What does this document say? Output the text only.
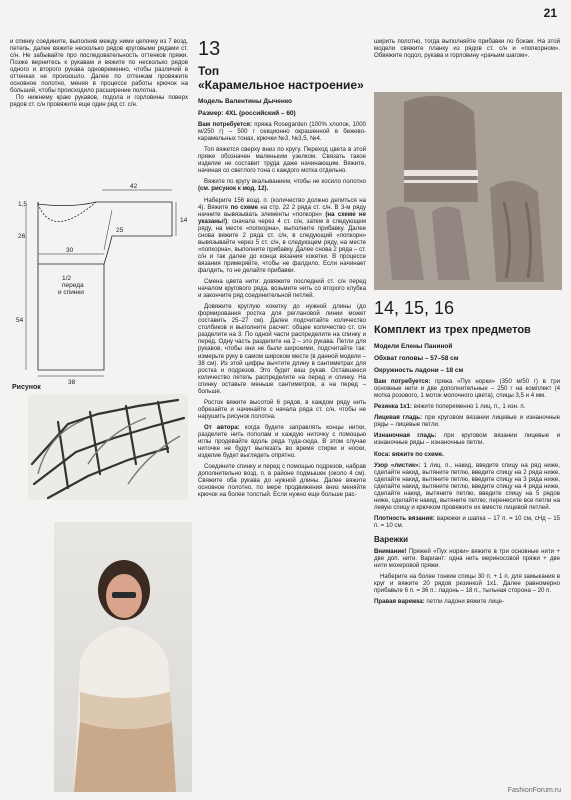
21

и спинку соедините, выполнив между ними цепочку из 7 возд. петель, далее вяжите несколько рядов круговыми рядами ст. с/н. Не забывайте про последовательность оттенков пряжи. Позже вернитесь к рукавам и вяжите по несколько рядов одного и второго рукава одновременно, чтобы различий в оттенках не произошло. Далее по оттенкам провяжите основное полотно, меняя в процессе работы крючок на больший, чтобы происходило расширение полотна.

По нижнему краю рукавов, подола и горловины поверх рядов ст. с/н провяжите еще один ряд ст. с/н.

42
1,5
14
26
25
30
1/2
переда
и спинки
54
38
Рисунок
13
Топ
«Карамельное настроение»
Модель Валентины Дыченко
Размер: 4XL (российский – 60)

Вам потребуется: пряжа Rosegarden (100% хлопок, 1000 м/250 г) – 500 г секционно окрашенной в бежево-карамельных тонах, крючки №3, №3,5, №4.

Топ вяжется сверху вниз по кругу. Переход цвета в этой пряже обозначен маленьким узелком. Связать такое изделие не составит труда даже начинающим. Вяжите, начиная со светлого тона с каждого мотка отдельно.

Вяжите по кругу вкалыванием, чтобы не косило полотно (см. рисунок к мод. 12).

Наберите 156 возд. п. (количество должно делиться на 4). Вяжите по схеме на стр. 22 2 ряда ст. с/н. В 3-м ряду начните вывязывать элементы «попкорн» (на схеме не указаны!): сначала через 4 ст. с/н, затем в следующем ряду, на месте «попкорна», выполните прибавку. Далее снова вяжите 2 ряда ст. с/н, в следующий «попкорн» вывязывайте через 5 ст. с/н, в следующем ряду, на месте «попкорна», выполните прибавку. Далее снова 2 ряда – ст. с/н и так далее до конца вязания кокетки. В процессе вязания примеряйте, чтобы не фалдило. Если начинает фалдить, то не делайте прибавки.

Смена цвета нити: довяжите последний ст. с/н перед началом кругового ряда, возьмите нить со второго клубка и закончите ряд соединительной петлей.

Довяжите круглую кокетку до нужной длины (до формирования ростка для реглановой линии может составить 25–27 см). Далее подсчитайте количество столбиков и выполните расчет: общее количество ст. с/н разделите на 3. По одной части распределите на спинку и перед. Одну часть разделите на 2 – это рукава. Петли для рукавов, чтобы они не были широкими, подсчитайте так: измерьте руку в самом широком месте (в данной модели – 38 см). Из этой цифры вычтите длину в сантиметрах для ростка и подрезов. Это будет ваш рукав. Оставшееся количество петель распределите на перед и спинку. На спинку оставьте меньше сантиметров, а на перед – больше.

Росток вяжите высотой 6 рядов, в каждом ряду нить обрезайте и начинайте с начала ряда ст. с/н, чтобы не нарушить рисунок полотна.

От автора: когда будете заправлять концы нитки, разделите нить пополам и каждую ниточку с помощью иглы продевайте вдоль ряда туда-сюда. В этом случае ниточке не будут вылезать во время стирки и носки, изделие будет выглядеть опрятно.

Соедините спинку и перед с помощью подрезов, набрав дополнительно возд. п. в районе подмышек (около 4 см). Свяжите оба рукава до нужной длины. Далее вяжите основное полотно, по мере продвижения вниз меняйте крючок на более толстый. Если нужно еще больше рас-

ширить полотно, тогда выполняйте прибавки по бокам. На этой модели свяжите планку из рядов ст. с/н и «попкорном». Обвяжите подол, рукава и горловину «рачьим шагом».

14, 15, 16
Комплект из трех предметов
Модели Елены Паниной
Обхват головы – 57–58 см
Окружность ладони – 18 см

Вам потребуется: пряжа «Пух норки» (350 м/50 г) в три основные нити и две дополнительные – 250 г на комплект (4 мотка розового, 1 моток молочного цвета), спицы 3,5 и 4 мм.

Резинка 1х1: вяжите попеременно 1 лиц. п., 1 изн. п.

Лицевая гладь: при круговом вязании лицевые и изнаночные ряды – лицевые петли.

Изнаночная гладь: при круговом вязании лицевые и изнаночные ряды – изнаночные петли.

Коса: вяжите по схеме.

Узор «листик»: 1 лиц. п., накид, введите спицу на ряд ниже, сделайте накид, вытяните петлю, введите спицу на 2 ряда ниже, сделайте накид, вытяните петлю, введите спицу на 3 ряда ниже, сделайте накид, вытяните петлю, введите спицу на 4 ряда ниже, сделайте накид, вытяните петлю, введите спицу на 5 рядов ниже, сделайте накид, вытяните петлю; перенесите все петли на левую спицу и крючком провяжите их вместе лицевой петлей.

Плотность вязания: варежки и шапка – 17 п. = 10 см, сНд – 15 п. = 10 см.

Варежки

Внимание! Пряжей «Пух норки» вяжите в три основные нити + две доп. нити. Вариант: одна нить мериносовой пряжи + две нити мохеровой пряжи.

Наберите на более тонкие спицы 30 п. + 1 п. для замыкания в круг и вяжите 20 рядов резинкой 1х1. Далее равномерно прибавьте 6 п. = 36 п.: ладонь – 18 п., тыльная сторона – 20 п.

Правая варежка: петли ладони вяжите лице-

FashionForum.ru
